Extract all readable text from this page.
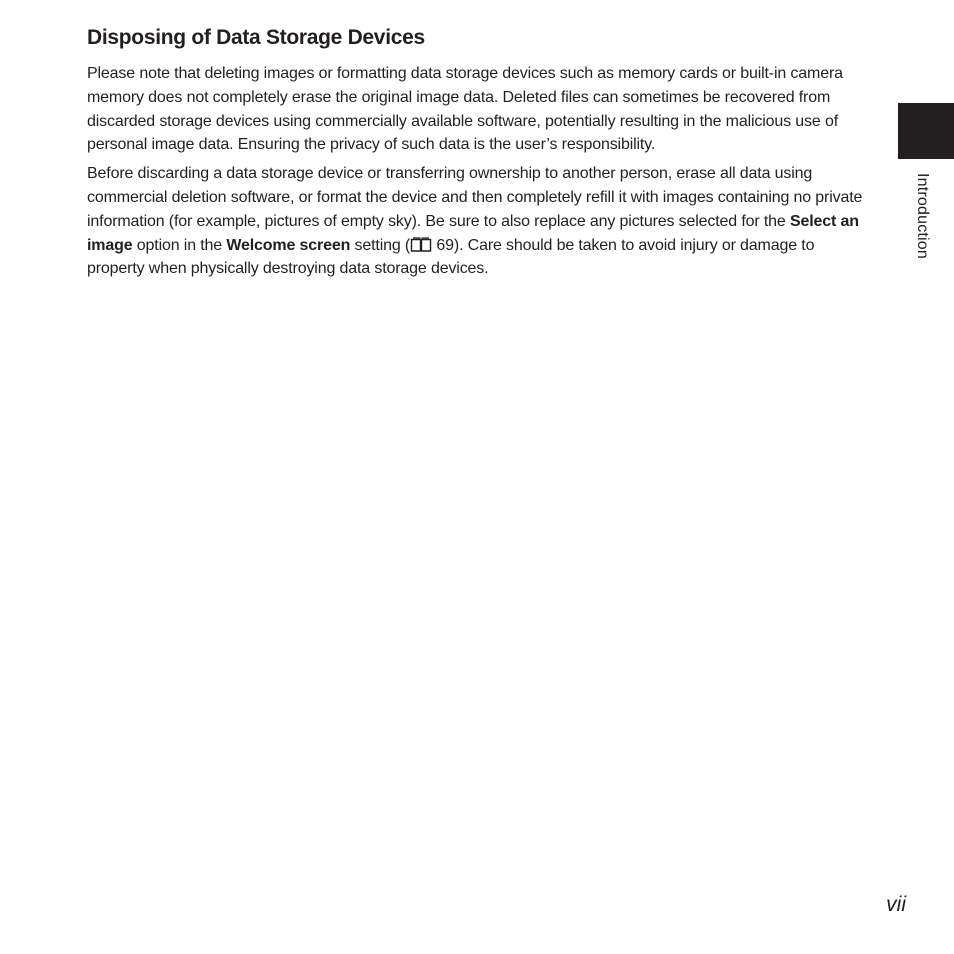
Disposing of Data Storage Devices

Please note that deleting images or formatting data storage devices such as memory cards or built-in camera memory does not completely erase the original image data. Deleted files can sometimes be recovered from discarded storage devices using commercially available software, potentially resulting in the malicious use of personal image data. Ensuring the privacy of such data is the user’s responsibility.

Before discarding a data storage device or transferring ownership to another person, erase all data using commercial deletion software, or format the device and then completely refill it with images containing no private information (for example, pictures of empty sky). Be sure to also replace any pictures selected for the Select an image option in the Welcome screen setting ( 69). Care should be taken to avoid injury or damage to property when physically destroying data storage devices.

Introduction
vii
